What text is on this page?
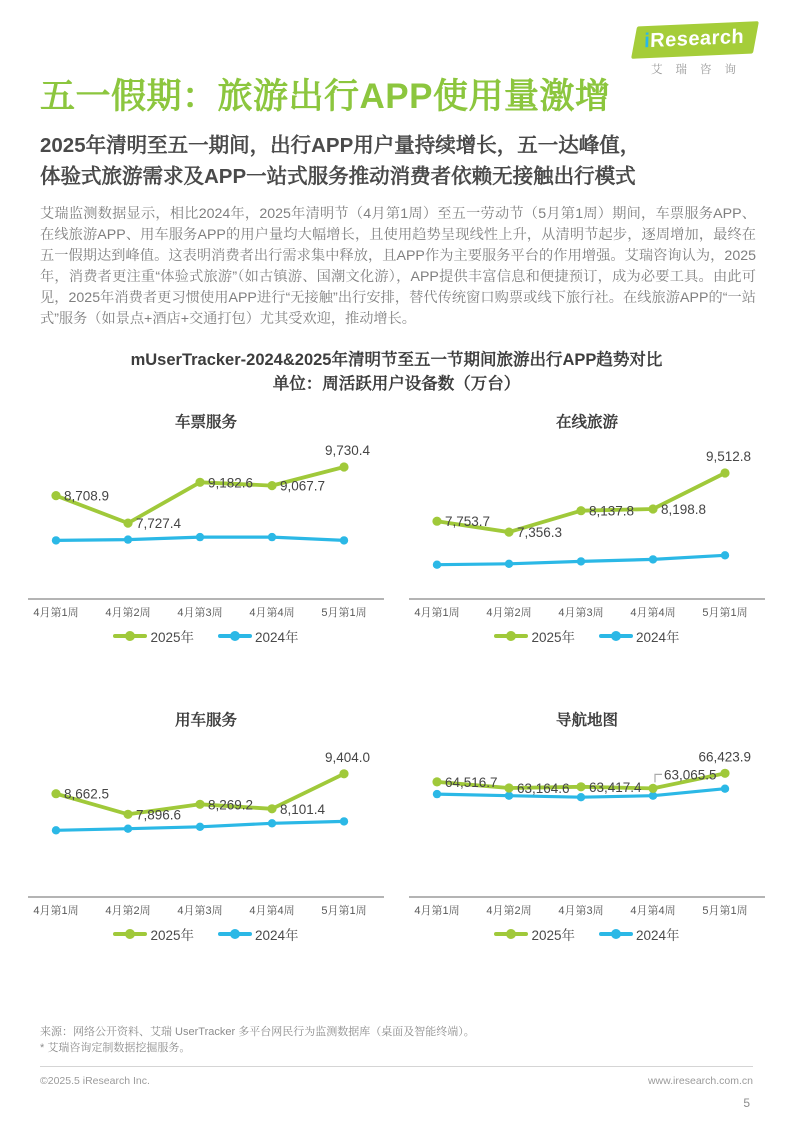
iResearch
艾瑞咨询
五一假期：旅游出行APP使用量激增
2025年清明至五一期间，出行APP用户量持续增长，五一达峰值，
体验式旅游需求及APP一站式服务推动消费者依赖无接触出行模式

艾瑞监测数据显示，相比2024年，2025年清明节（4月第1周）至五一劳动节（5月第1周）期间，车票服务APP、在线旅游APP、用车服务APP的用户量均大幅增长，且使用趋势呈现线性上升，从清明节起步，逐周增加，最终在五一假期达到峰值。这表明消费者出行需求集中释放，且APP作为主要服务平台的作用增强。艾瑞咨询认为，2025年，消费者更注重“体验式旅游”（如古镇游、国潮文化游），APP提供丰富信息和便捷预订，成为必要工具。由此可见，2025年消费者更习惯使用APP进行“无接触”出行安排，替代传统窗口购票或线下旅行社。在线旅游APP的“一站式”服务（如景点+酒店+交通打包）尤其受欢迎，推动增长。

mUserTracker-2024&2025年清明节至五一节期间旅游出行APP趋势对比
单位：周活跃用户设备数（万台）
车票服务
4月第1周 4月第2周 4月第3周 4月第4周 5月第1周
8,708.9
7,727.4
9,182.6 9,067.7
9,730.4
2025年	2024年
在线旅游
4月第1周 4月第2周 4月第3周 4月第4周 5月第1周
7,753.7
7,356.3
8,137.8 8,198.8
9,512.8
2025年	2024年
用车服务
4月第1周 4月第2周 4月第3周 4月第4周 5月第1周
8,662.5
7,896.6
8,269.2 8,101.4
9,404.0
2025年	2024年
导航地图
4月第1周 4月第2周 4月第3周 4月第4周 5月第1周
64,516.7 63,164.6 63,417.4
63,065.5
66,423.9
2025年	2024年
来源：网络公开资料、艾瑞 UserTracker 多平台网民行为监测数据库（桌面及智能终端）。
* 艾瑞咨询定制数据挖掘服务。
©2025.5 iResearch Inc.	www.iresearch.com.cn
5
